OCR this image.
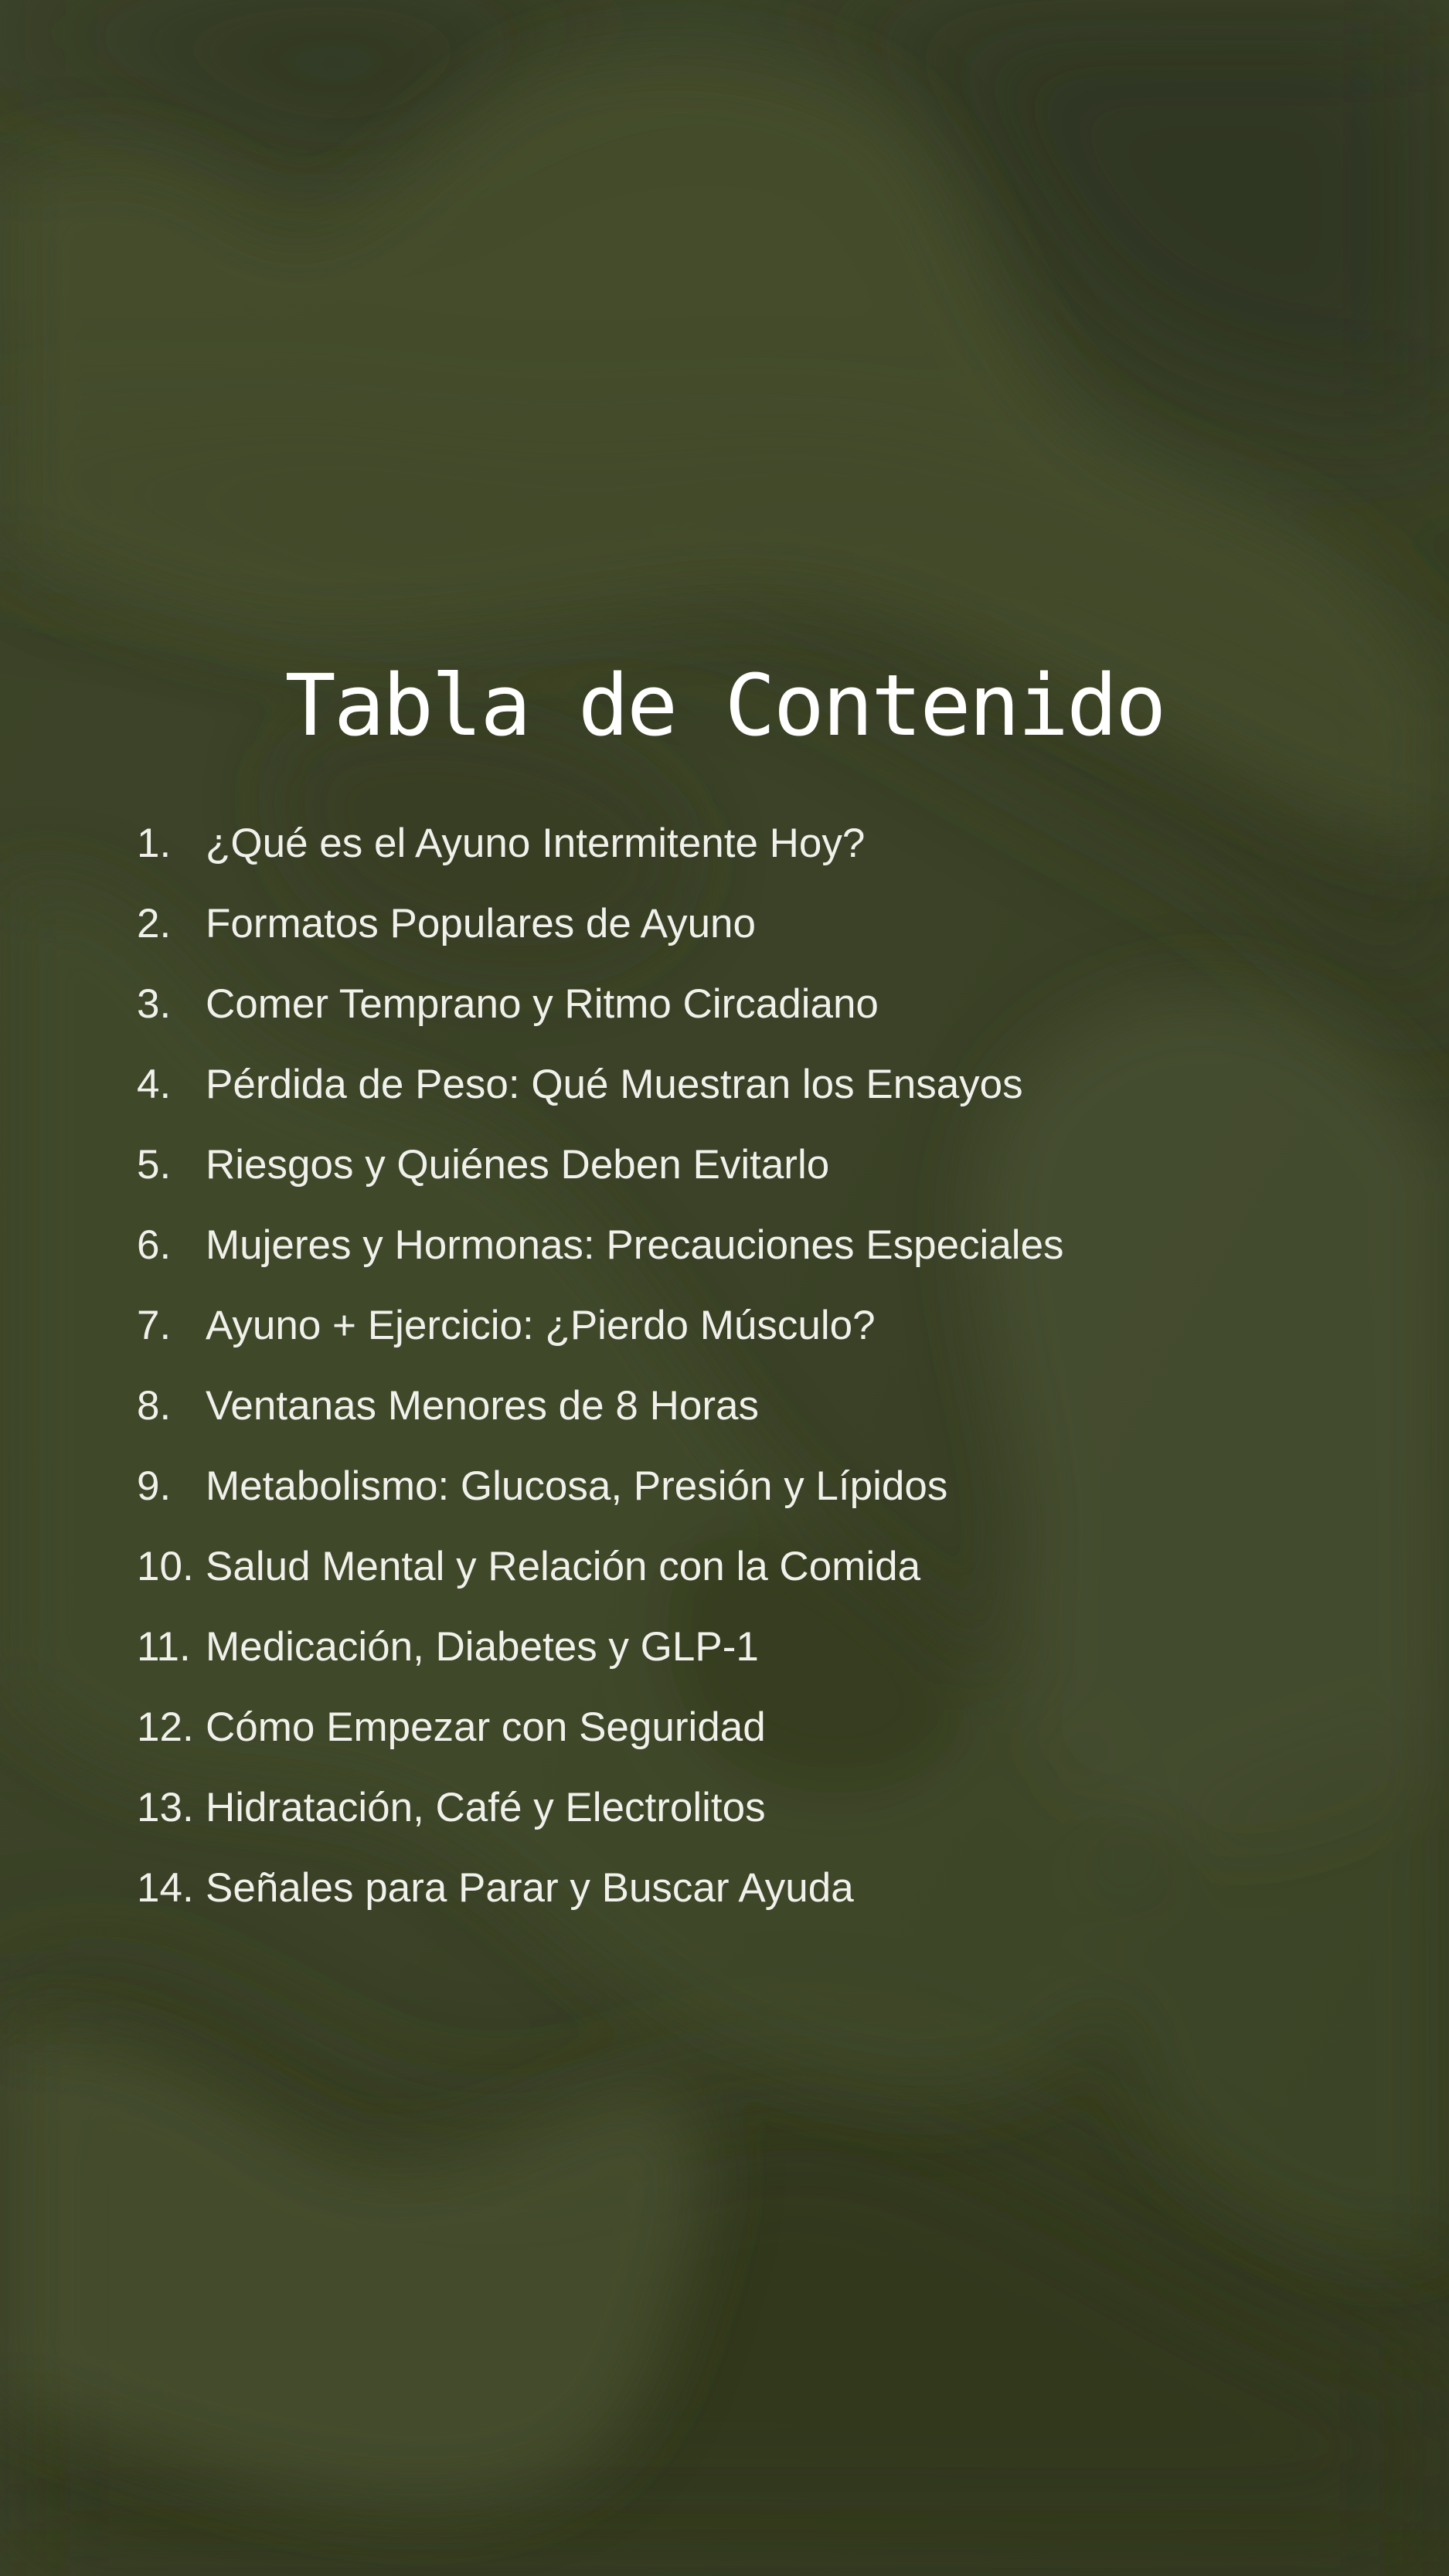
Tabla de Contenido
1. ¿Qué es el Ayuno Intermitente Hoy?
2. Formatos Populares de Ayuno
3. Comer Temprano y Ritmo Circadiano
4. Pérdida de Peso: Qué Muestran los Ensayos
5. Riesgos y Quiénes Deben Evitarlo
6. Mujeres y Hormonas: Precauciones Especiales
7. Ayuno + Ejercicio: ¿Pierdo Músculo?
8. Ventanas Menores de 8 Horas
9. Metabolismo: Glucosa, Presión y Lípidos
10. Salud Mental y Relación con la Comida
11. Medicación, Diabetes y GLP-1
12. Cómo Empezar con Seguridad
13. Hidratación, Café y Electrolitos
14. Señales para Parar y Buscar Ayuda
